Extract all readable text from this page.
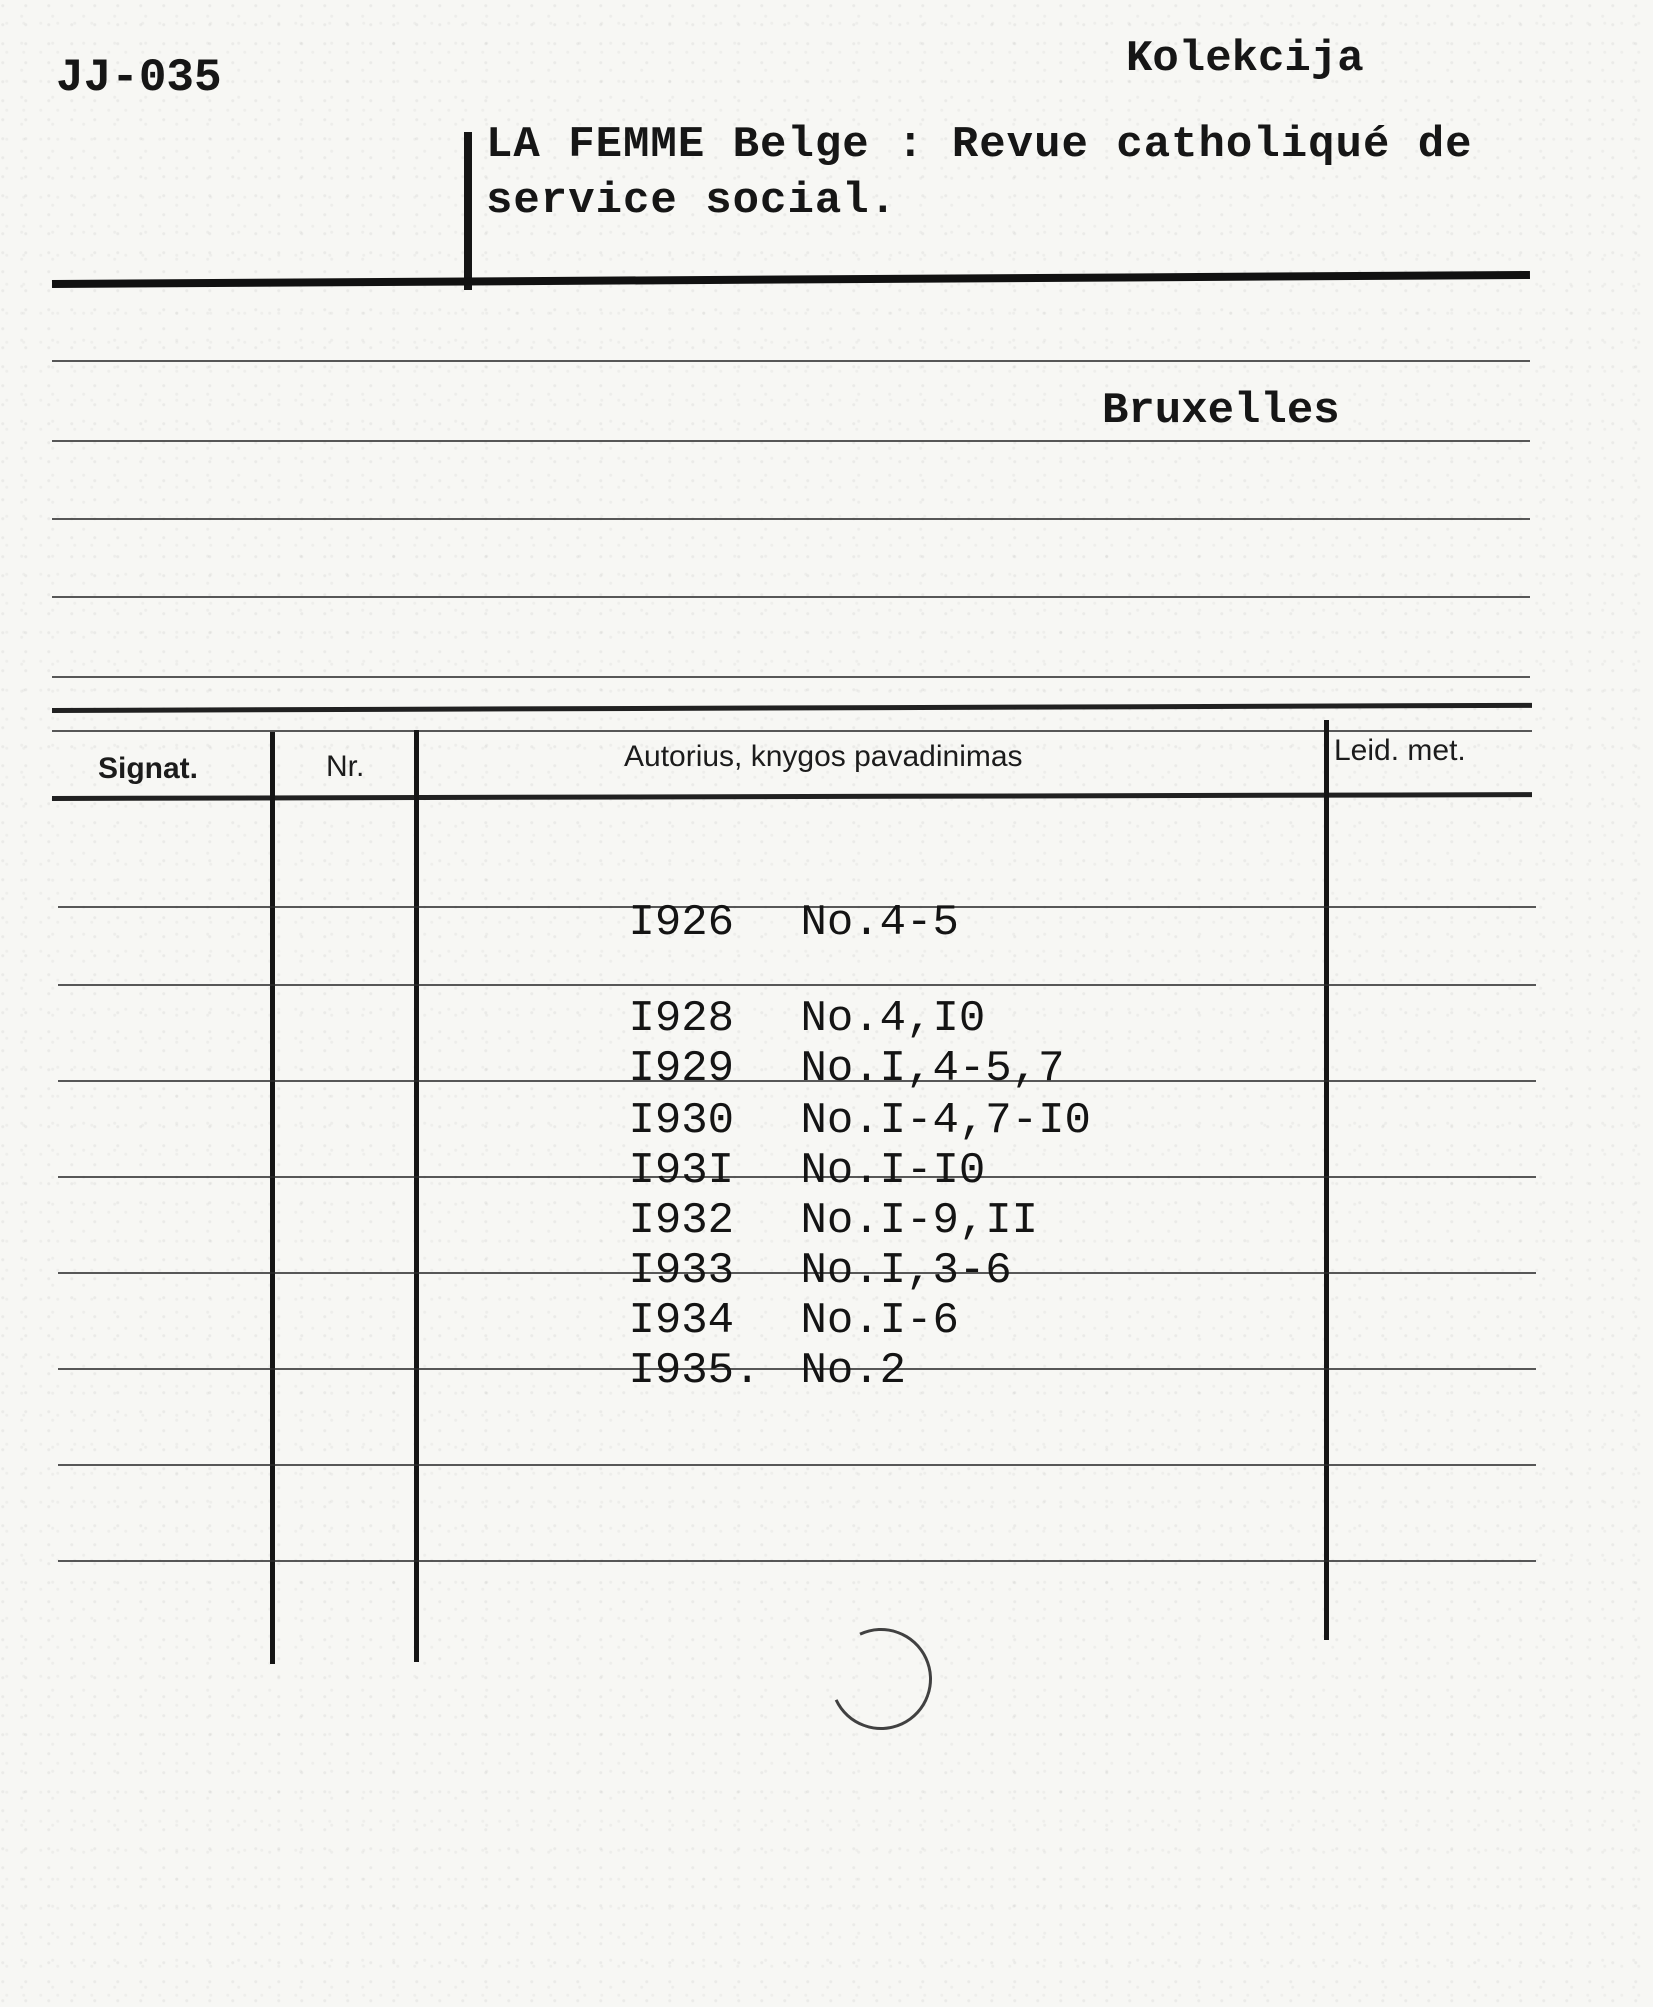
JJ-035	Kolekcija
LA FEMME Belge : Revue catholiqué de
service social.
Bruxelles
Signat.	Nr.	Autorius, knygos pavadinimas	Leid. met.

I926 No.4-5

I928 No.4,I0

I929 No.I,4-5,7

I930 No.I-4,7-I0

I93I No.I-I0

I932 No.I-9,II

I933 No.I,3-6

I934 No.I-6

I935. No.2
